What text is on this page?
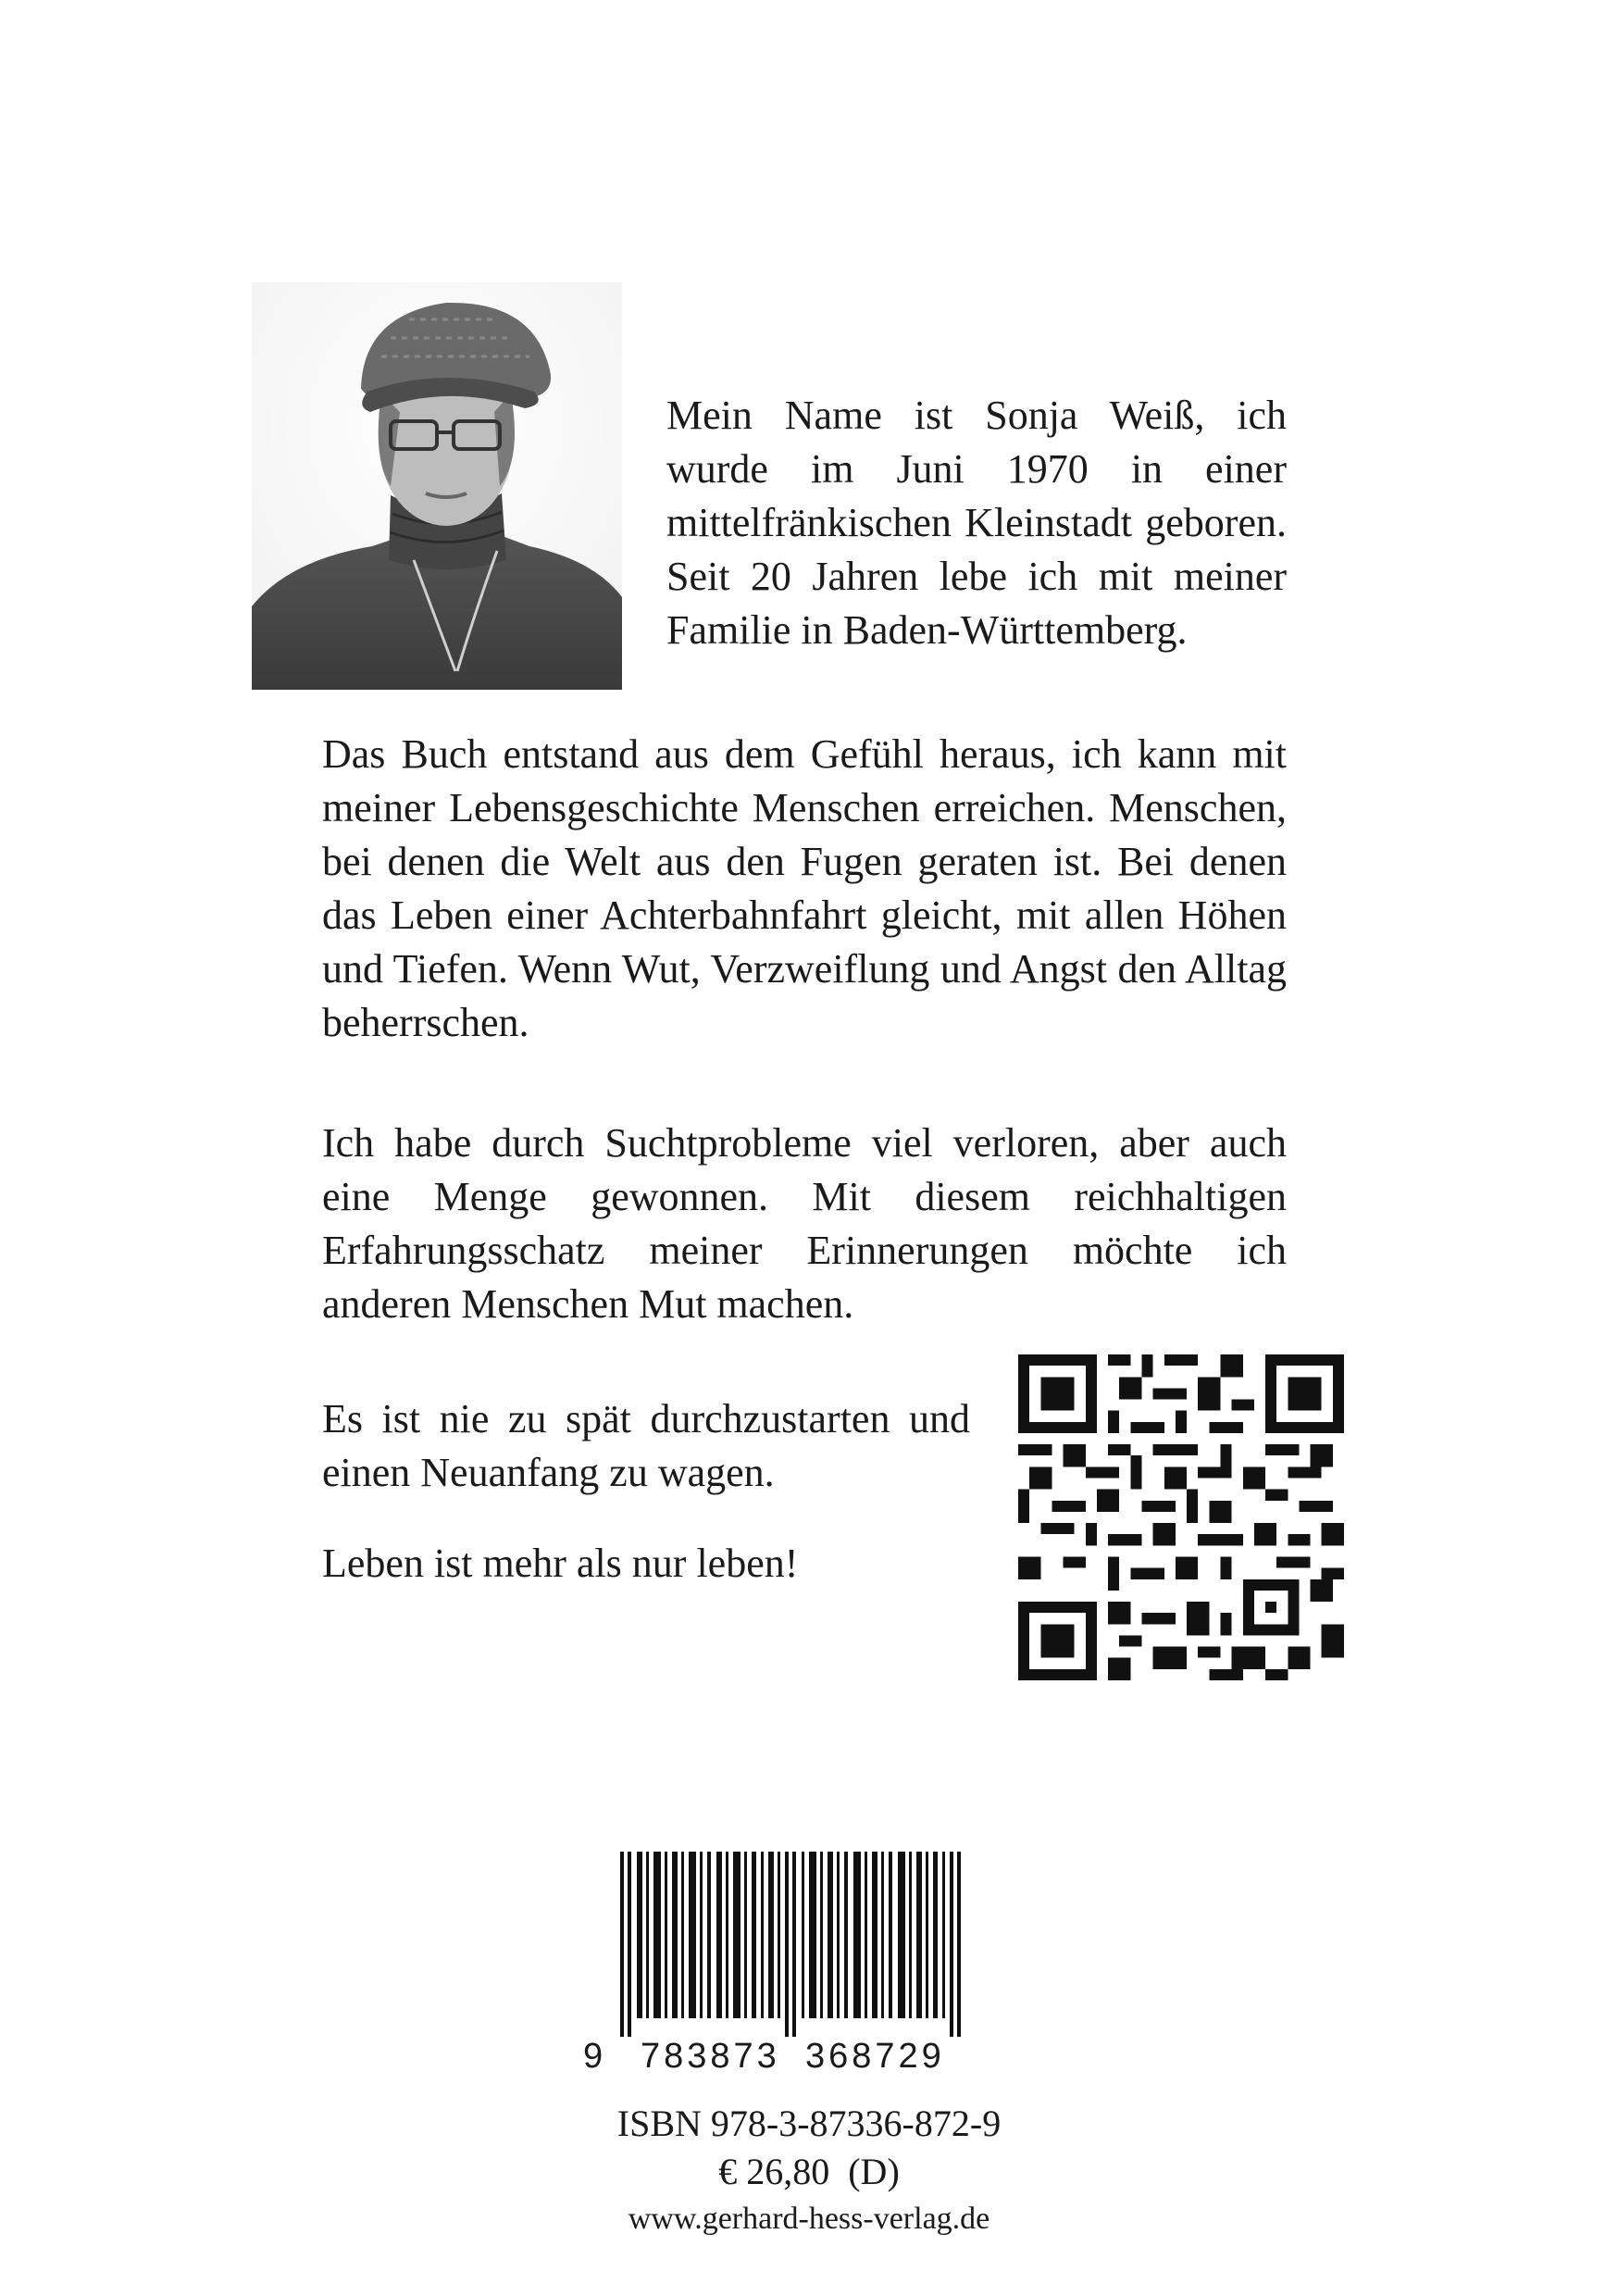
Mein Name ist Sonja Weiß, ich wurde im Juni 1970 in einer mittelfränkischen Kleinstadt geboren. Seit 20 Jahren lebe ich mit meiner Familie in Baden-Württemberg.

Das Buch entstand aus dem Gefühl heraus, ich kann mit meiner Lebensgeschichte Menschen erreichen. Menschen, bei denen die Welt aus den Fugen geraten ist. Bei denen das Leben einer Achterbahnfahrt gleicht, mit allen Höhen und Tiefen. Wenn Wut, Verzweiflung und Angst den Alltag beherrschen.

Ich habe durch Suchtprobleme viel verloren, aber auch eine Menge gewonnen. Mit diesem reichhaltigen Erfahrungsschatz meiner Erinnerungen möchte ich anderen Menschen Mut machen.

Es ist nie zu spät durchzustarten und einen Neuanfang zu wagen.

Leben ist mehr als nur leben!

9 783873 368729

ISBN 978-3-87336-872-9

€ 26,80  (D)

www.gerhard-hess-verlag.de
